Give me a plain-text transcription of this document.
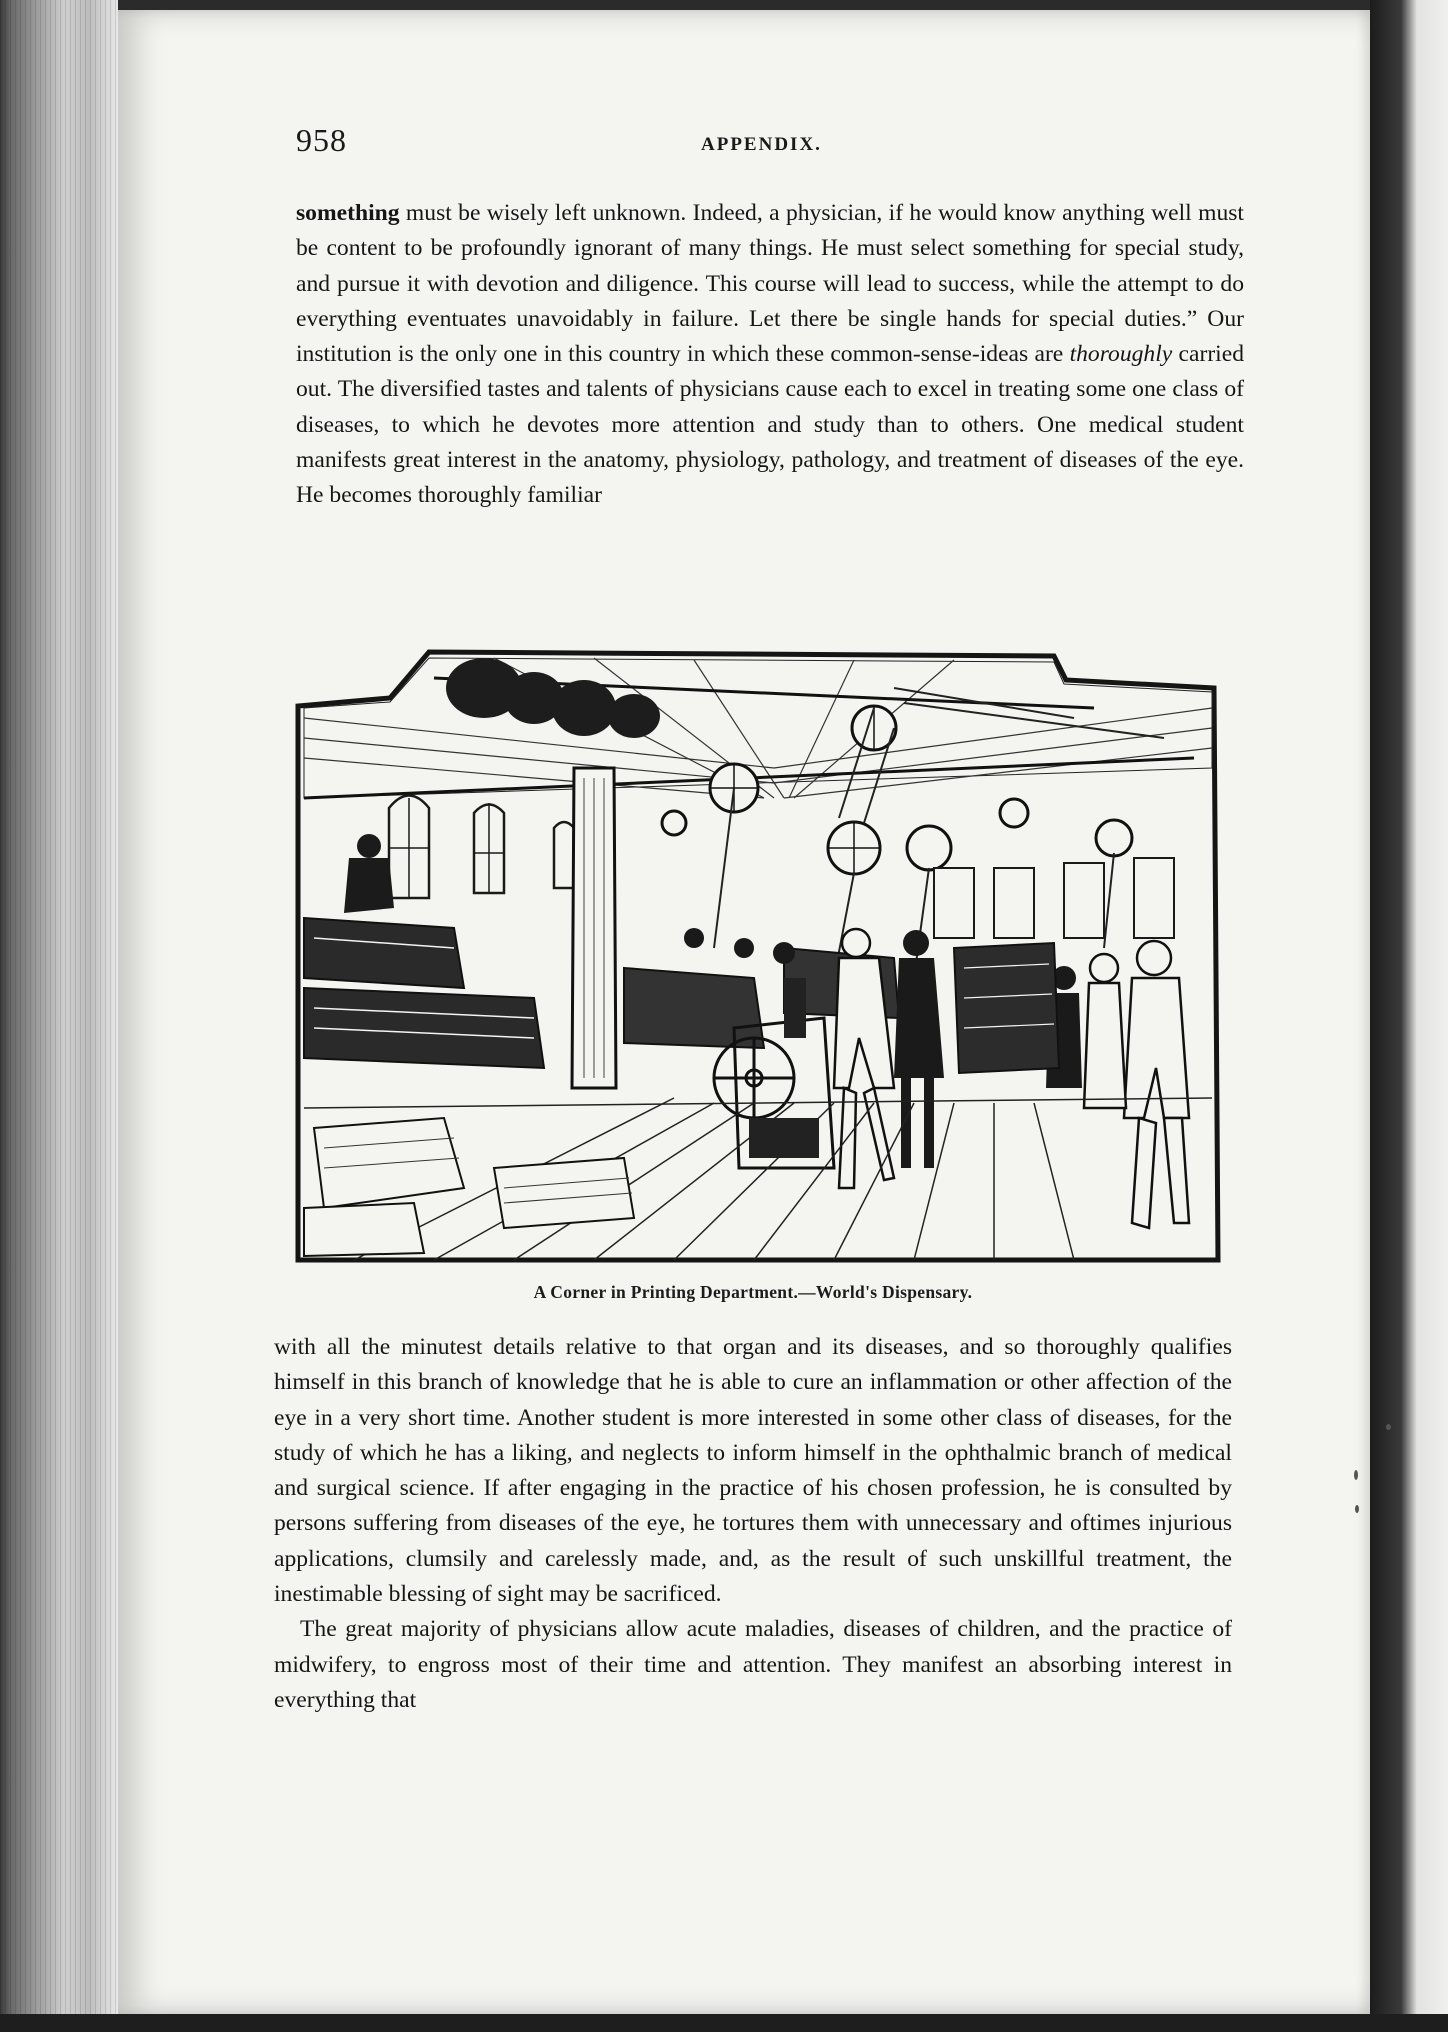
958	APPENDIX.

something must be wisely left unknown. Indeed, a physician, if he would know anything well must be content to be profoundly ignorant of many things. He must select something for special study, and pursue it with devotion and diligence. This course will lead to success, while the attempt to do everything eventuates unavoidably in failure. Let there be single hands for special duties.” Our institution is the only one in this country in which these common-sense-ideas are thoroughly carried out. The diversified tastes and talents of physicians cause each to excel in treating some one class of diseases, to which he devotes more attention and study than to others. One medical student manifests great interest in the anatomy, physiology, pathology, and treatment of diseases of the eye. He becomes thoroughly familiar

A Corner in Printing Department.—World's Dispensary.

with all the minutest details relative to that organ and its diseases, and so thoroughly qualifies himself in this branch of knowledge that he is able to cure an inflammation or other affection of the eye in a very short time. Another student is more interested in some other class of diseases, for the study of which he has a liking, and neglects to inform himself in the ophthalmic branch of medical and surgical science. If after engaging in the practice of his chosen profession, he is consulted by persons suffering from diseases of the eye, he tortures them with unnecessary and oftimes injurious applications, clumsily and carelessly made, and, as the result of such unskillful treatment, the inestimable blessing of sight may be sacrificed.

The great majority of physicians allow acute maladies, diseases of children, and the practice of midwifery, to engross most of their time and attention. They manifest an absorbing interest in everything that
